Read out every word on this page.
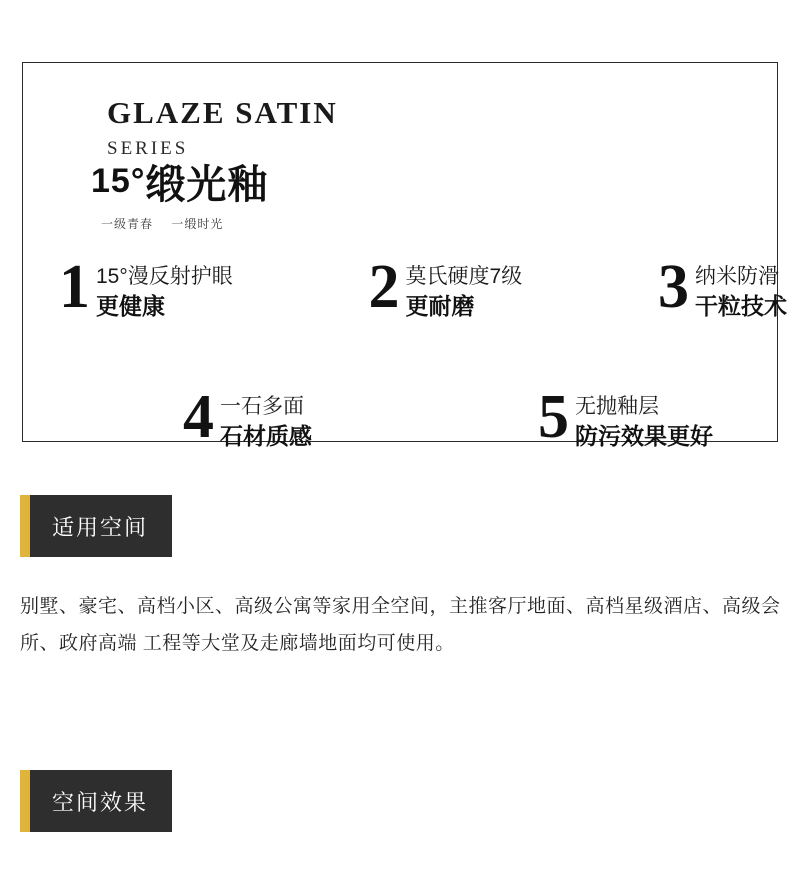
GLAZE SATIN
SERIES
15°缎光釉
一级青春 一缎时光
1 15°漫反射护眼
更健康	2 莫氏硬度7级
更耐磨	3 纳米防滑
干粒技术
4 一石多面
石材质感	5 无抛釉层
防污效果更好
适用空间
别墅、豪宅、高档小区、高级公寓等家用全空间，主推客厅地面、高档星级酒店、高级会所、政府高端 工程等大堂及走廊墙地面均可使用。
空间效果
